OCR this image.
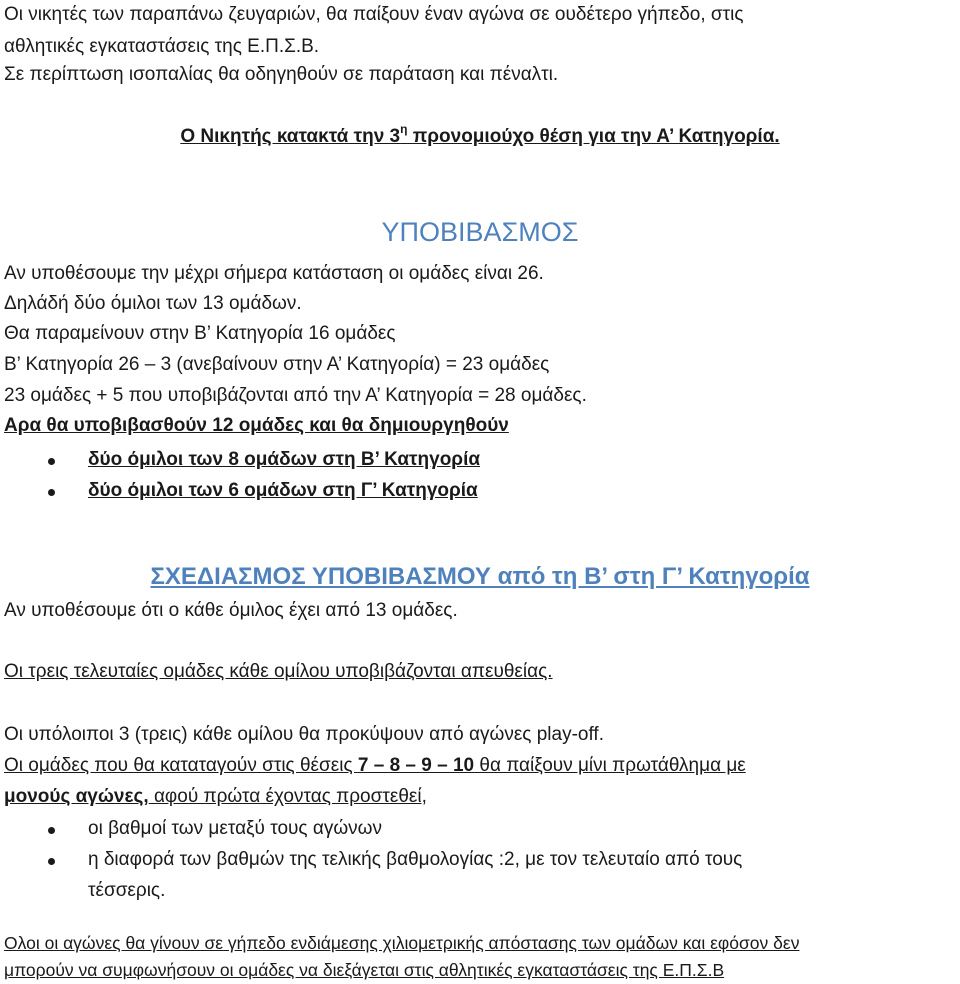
Οι νικητές των παραπάνω ζευγαριών, θα παίξουν έναν αγώνα σε ουδέτερο γήπεδο, στις
αθλητικές εγκαταστάσεις της Ε.Π.Σ.Β.
Σε περίπτωση ισοπαλίας θα οδηγηθούν σε παράταση και πέναλτι.
Ο Νικητής κατακτά την $3^\eta$ προνομιούχο θέση για την Α’ Κατηγορία.
ΥΠΟΒΙΒΑΣΜΟΣ
Αν υποθέσουμε την μέχρι σήμερα κατάσταση οι ομάδες είναι 26.
Δηλάδή δύο όμιλοι των 13 ομάδων.
Θα παραμείνουν στην Β’ Κατηγορία 16 ομάδες
Β’ Κατηγορία 26 – 3 (ανεβαίνουν στην Α’ Κατηγορία) = 23 ομάδες
23 ομάδες + 5 που υποβιβάζονται από την Α’ Κατηγορία = 28 ομάδες.
Αρα θα υποβιβασθούν 12 ομάδες και θα δημιουργηθούν
δύο όμιλοι των 8 ομάδων στη Β’ Κατηγορία
δύο όμιλοι των 6 ομάδων στη Γ’ Κατηγορία
ΣΧΕΔΙΑΣΜΟΣ ΥΠΟΒΙΒΑΣΜΟΥ από τη Β’ στη Γ’ Κατηγορία
Αν υποθέσουμε ότι ο κάθε όμιλος έχει από 13 ομάδες.
Οι τρεις τελευταίες ομάδες κάθε ομίλου υποβιβάζονται απευθείας.
Οι υπόλοιποι 3 (τρεις) κάθε ομίλου θα προκύψουν από αγώνες play-off.
Οι ομάδες που θα καταταγούν στις θέσεις 7 – 8 – 9 – 10 θα παίξουν μίνι πρωτάθλημα με
μονούς αγώνες, αφού πρώτα έχοντας προστεθεί,
οι βαθμοί των μεταξύ τους αγώνων
η διαφορά των βαθμών της τελικής βαθμολογίας :2, με τον τελευταίο από τους
τέσσερις.
Ολοι οι αγώνες θα γίνουν σε γήπεδο ενδιάμεσης χιλιομετρικής απόστασης των ομάδων και εφόσον δεν
μπορούν να συμφωνήσουν οι ομάδες να διεξάγεται στις αθλητικές εγκαταστάσεις της Ε.Π.Σ.Β
